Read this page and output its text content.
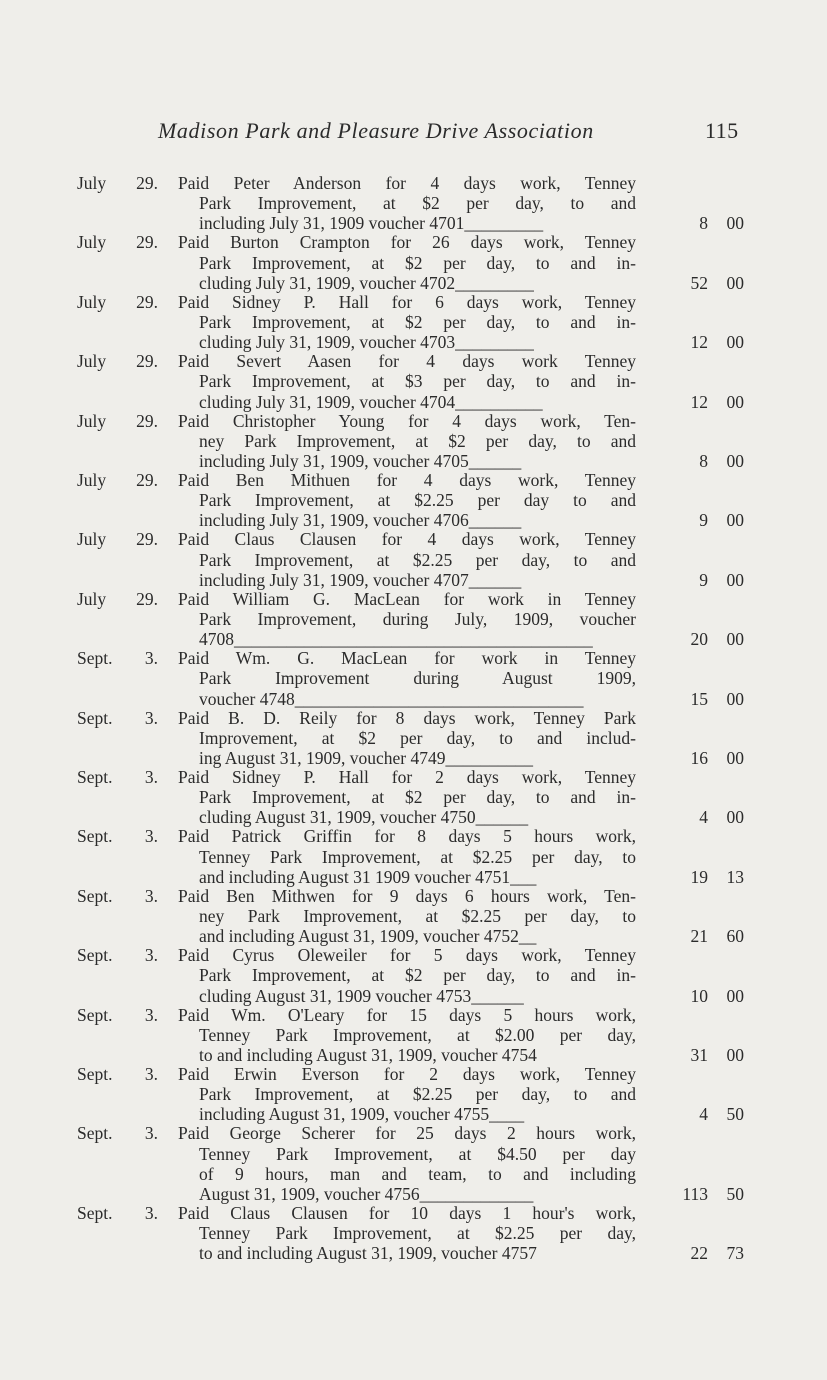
Madison Park and Pleasure Drive Association	115
July	29. Paid Peter Anderson for 4 days work, Tenney
Park Improvement, at $2 per day, to and
including July 31, 1909 voucher 4701_________	8 00
July	29. Paid Burton Crampton for 26 days work, Tenney
Park Improvement, at $2 per day, to and in-
cluding July 31, 1909, voucher 4702_________	52 00
July	29. Paid Sidney P. Hall for 6 days work, Tenney
Park Improvement, at $2 per day, to and in-
cluding July 31, 1909, voucher 4703_________	12 00
July	29. Paid Severt Aasen for 4 days work Tenney
Park Improvement, at $3 per day, to and in-
cluding July 31, 1909, voucher 4704__________	12 00
July	29. Paid Christopher Young for 4 days work, Ten-
ney Park Improvement, at $2 per day, to and
including July 31, 1909, voucher 4705______	8 00
July	29. Paid Ben Mithuen for 4 days work, Tenney
Park Improvement, at $2.25 per day to and
including July 31, 1909, voucher 4706______	9 00
July	29. Paid Claus Clausen for 4 days work, Tenney
Park Improvement, at $2.25 per day, to and
including July 31, 1909, voucher 4707______	9 00
July	29. Paid William G. MacLean for work in Tenney
Park Improvement, during July, 1909, voucher
4708_________________________________________	20 00
Sept.	3. Paid Wm. G. MacLean for work in Tenney
Park Improvement during August 1909,
voucher 4748_________________________________	15 00
Sept.	3. Paid B. D. Reily for 8 days work, Tenney Park
Improvement, at $2 per day, to and includ-
ing August 31, 1909, voucher 4749__________	16 00
Sept.	3. Paid Sidney P. Hall for 2 days work, Tenney
Park Improvement, at $2 per day, to and in-
cluding August 31, 1909, voucher 4750______	4 00
Sept.	3. Paid Patrick Griffin for 8 days 5 hours work,
Tenney Park Improvement, at $2.25 per day, to
and including August 31 1909 voucher 4751___	19 13
Sept.	3. Paid Ben Mithwen for 9 days 6 hours work, Ten-
ney Park Improvement, at $2.25 per day, to
and including August 31, 1909, voucher 4752__	21 60
Sept.	3. Paid Cyrus Oleweiler for 5 days work, Tenney
Park Improvement, at $2 per day, to and in-
cluding August 31, 1909 voucher 4753______	10 00
Sept.	3. Paid Wm. O'Leary for 15 days 5 hours work,
Tenney Park Improvement, at $2.00 per day,
to and including August 31, 1909, voucher 4754	31 00
Sept.	3. Paid Erwin Everson for 2 days work, Tenney
Park Improvement, at $2.25 per day, to and
including August 31, 1909, voucher 4755____	4 50
Sept.	3. Paid George Scherer for 25 days 2 hours work,
Tenney Park Improvement, at $4.50 per day
of 9 hours, man and team, to and including
August 31, 1909, voucher 4756_____________	113 50
Sept.	3. Paid Claus Clausen for 10 days 1 hour's work,
Tenney Park Improvement, at $2.25 per day,
to and including August 31, 1909, voucher 4757	22 73
